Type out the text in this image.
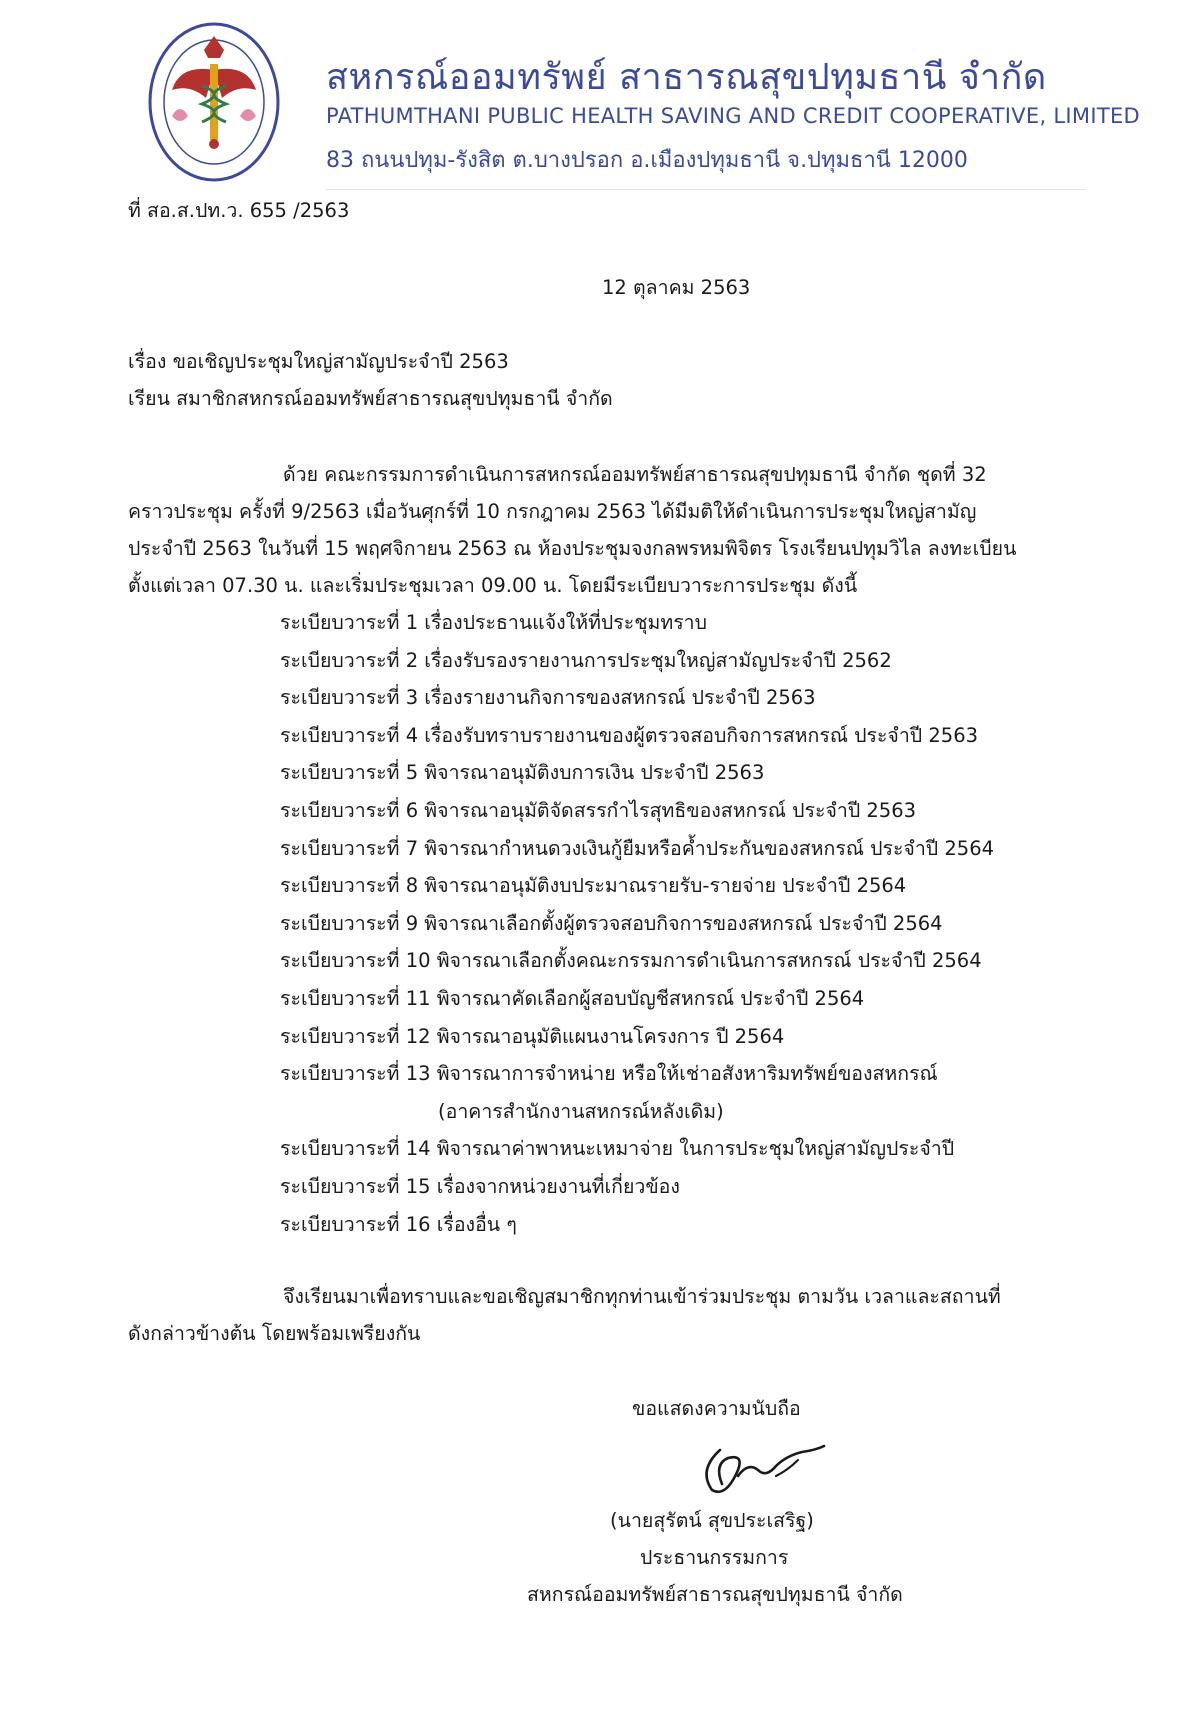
สหกรณ์ออมทรัพย์ สาธารณสุขปทุมธานี จำกัด
PATHUMTHANI PUBLIC HEALTH SAVING AND CREDIT COOPERATIVE, LIMITED
83 ถนนปทุม-รังสิต ต.บางปรอก อ.เมืองปทุมธานี จ.ปทุมธานี 12000
ที่ สอ.ส.ปท.ว. 655 /2563
12 ตุลาคม 2563
เรื่อง ขอเชิญประชุมใหญ่สามัญประจำปี 2563
เรียน สมาชิกสหกรณ์ออมทรัพย์สาธารณสุขปทุมธานี จำกัด
ด้วย คณะกรรมการดำเนินการสหกรณ์ออมทรัพย์สาธารณสุขปทุมธานี จำกัด ชุดที่ 32
คราวประชุม ครั้งที่ 9/2563 เมื่อวันศุกร์ที่ 10 กรกฎาคม 2563 ได้มีมติให้ดำเนินการประชุมใหญ่สามัญ
ประจำปี 2563 ในวันที่ 15 พฤศจิกายน 2563 ณ ห้องประชุมจงกลพรหมพิจิตร โรงเรียนปทุมวิไล ลงทะเบียน
ตั้งแต่เวลา 07.30 น. และเริ่มประชุมเวลา 09.00 น. โดยมีระเบียบวาระการประชุม ดังนี้
ระเบียบวาระที่ 1 เรื่องประธานแจ้งให้ที่ประชุมทราบ
ระเบียบวาระที่ 2 เรื่องรับรองรายงานการประชุมใหญ่สามัญประจำปี 2562
ระเบียบวาระที่ 3 เรื่องรายงานกิจการของสหกรณ์ ประจำปี 2563
ระเบียบวาระที่ 4 เรื่องรับทราบรายงานของผู้ตรวจสอบกิจการสหกรณ์ ประจำปี 2563
ระเบียบวาระที่ 5 พิจารณาอนุมัติงบการเงิน ประจำปี 2563
ระเบียบวาระที่ 6 พิจารณาอนุมัติจัดสรรกำไรสุทธิของสหกรณ์ ประจำปี 2563
ระเบียบวาระที่ 7 พิจารณากำหนดวงเงินกู้ยืมหรือค้ำประกันของสหกรณ์ ประจำปี 2564
ระเบียบวาระที่ 8 พิจารณาอนุมัติงบประมาณรายรับ-รายจ่าย ประจำปี 2564
ระเบียบวาระที่ 9 พิจารณาเลือกตั้งผู้ตรวจสอบกิจการของสหกรณ์ ประจำปี 2564
ระเบียบวาระที่ 10 พิจารณาเลือกตั้งคณะกรรมการดำเนินการสหกรณ์ ประจำปี 2564
ระเบียบวาระที่ 11 พิจารณาคัดเลือกผู้สอบบัญชีสหกรณ์ ประจำปี 2564
ระเบียบวาระที่ 12 พิจารณาอนุมัติแผนงานโครงการ ปี 2564
ระเบียบวาระที่ 13 พิจารณาการจำหน่าย หรือให้เช่าอสังหาริมทรัพย์ของสหกรณ์
(อาคารสำนักงานสหกรณ์หลังเดิม)
ระเบียบวาระที่ 14 พิจารณาค่าพาหนะเหมาจ่าย ในการประชุมใหญ่สามัญประจำปี
ระเบียบวาระที่ 15 เรื่องจากหน่วยงานที่เกี่ยวข้อง
ระเบียบวาระที่ 16 เรื่องอื่น ๆ
จึงเรียนมาเพื่อทราบและขอเชิญสมาชิกทุกท่านเข้าร่วมประชุม ตามวัน เวลาและสถานที่
ดังกล่าวข้างต้น โดยพร้อมเพรียงกัน
ขอแสดงความนับถือ
(นายสุรัตน์ สุขประเสริฐ)
ประธานกรรมการ
สหกรณ์ออมทรัพย์สาธารณสุขปทุมธานี จำกัด
